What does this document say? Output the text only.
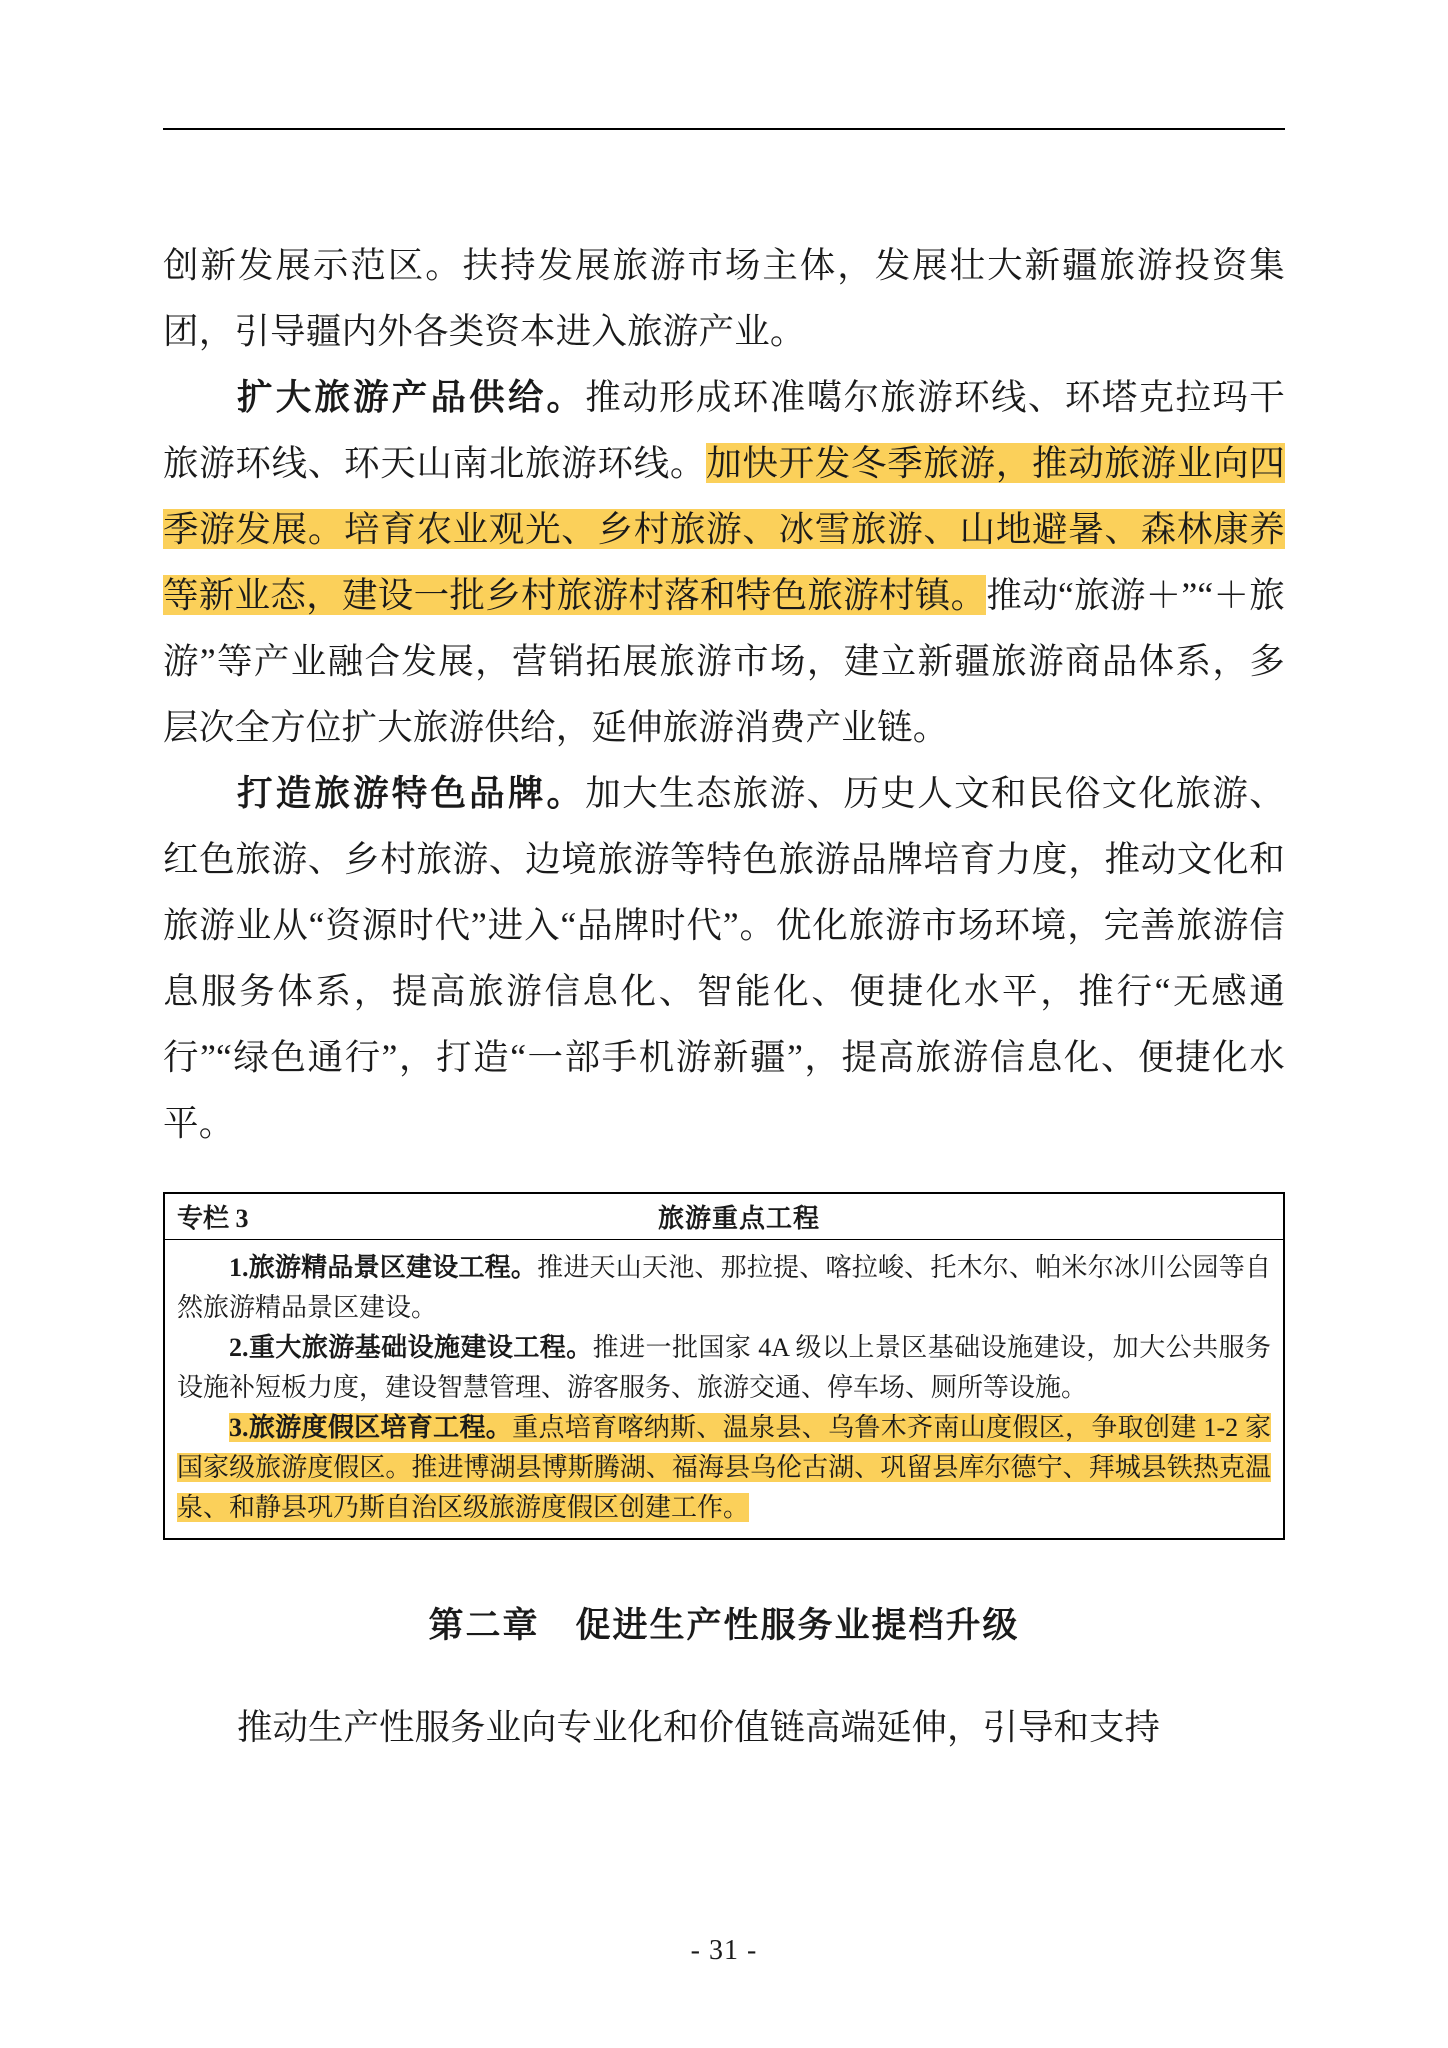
创新发展示范区。扶持发展旅游市场主体，发展壮大新疆旅游投资集团，引导疆内外各类资本进入旅游产业。

扩大旅游产品供给。推动形成环准噶尔旅游环线、环塔克拉玛干旅游环线、环天山南北旅游环线。加快开发冬季旅游，推动旅游业向四季游发展。培育农业观光、乡村旅游、冰雪旅游、山地避暑、森林康养等新业态，建设一批乡村旅游村落和特色旅游村镇。推动“旅游＋”“＋旅游”等产业融合发展，营销拓展旅游市场，建立新疆旅游商品体系，多层次全方位扩大旅游供给，延伸旅游消费产业链。

打造旅游特色品牌。加大生态旅游、历史人文和民俗文化旅游、红色旅游、乡村旅游、边境旅游等特色旅游品牌培育力度，推动文化和旅游业从“资源时代”进入“品牌时代”。优化旅游市场环境，完善旅游信息服务体系，提高旅游信息化、智能化、便捷化水平，推行“无感通行”“绿色通行”，打造“一部手机游新疆”，提高旅游信息化、便捷化水平。

专栏 3	旅游重点工程

1.旅游精品景区建设工程。推进天山天池、那拉提、喀拉峻、托木尔、帕米尔冰川公园等自然旅游精品景区建设。

2.重大旅游基础设施建设工程。推进一批国家 4A 级以上景区基础设施建设，加大公共服务设施补短板力度，建设智慧管理、游客服务、旅游交通、停车场、厕所等设施。

3.旅游度假区培育工程。重点培育喀纳斯、温泉县、乌鲁木齐南山度假区，争取创建 1-2 家国家级旅游度假区。推进博湖县博斯腾湖、福海县乌伦古湖、巩留县库尔德宁、拜城县铁热克温泉、和静县巩乃斯自治区级旅游度假区创建工作。

第二章 促进生产性服务业提档升级
推动生产性服务业向专业化和价值链高端延伸，引导和支持
- 31 -
